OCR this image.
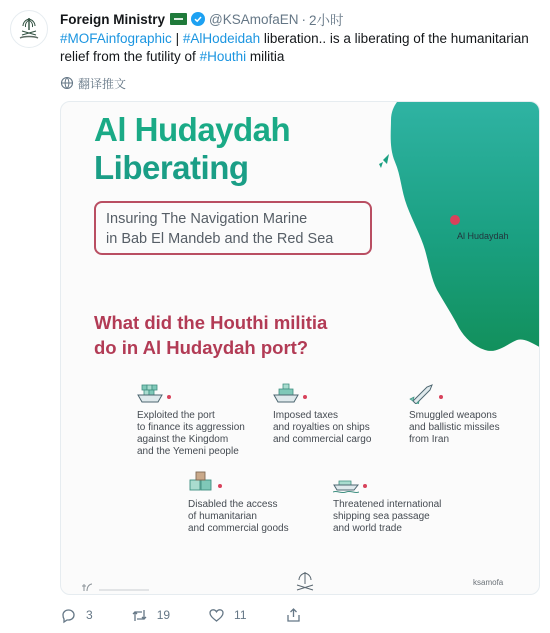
Foreign Ministry	@KSAmofaEN · 2小时
#MOFAinfographic | #AlHodeidah liberation.. is a liberating of the humanitarian relief from the futility of #Houthi militia
翻译推文
Al Hudaydah
Liberating
Insuring The Navigation Marine
in Bab El Mandeb and the Red Sea	Al Hudaydah
What did the Houthi militia
do in Al Hudaydah port?
Exploited the port
to finance its aggression
against the Kingdom
and the Yemeni people
Imposed taxes
and royalties on ships
and commercial cargo
Smuggled weapons
and ballistic missiles
from Iran
Disabled the access
of humanitarian
and commercial goods
Threatened international
shipping sea passage
and world trade
ksamofa
3	19	11
